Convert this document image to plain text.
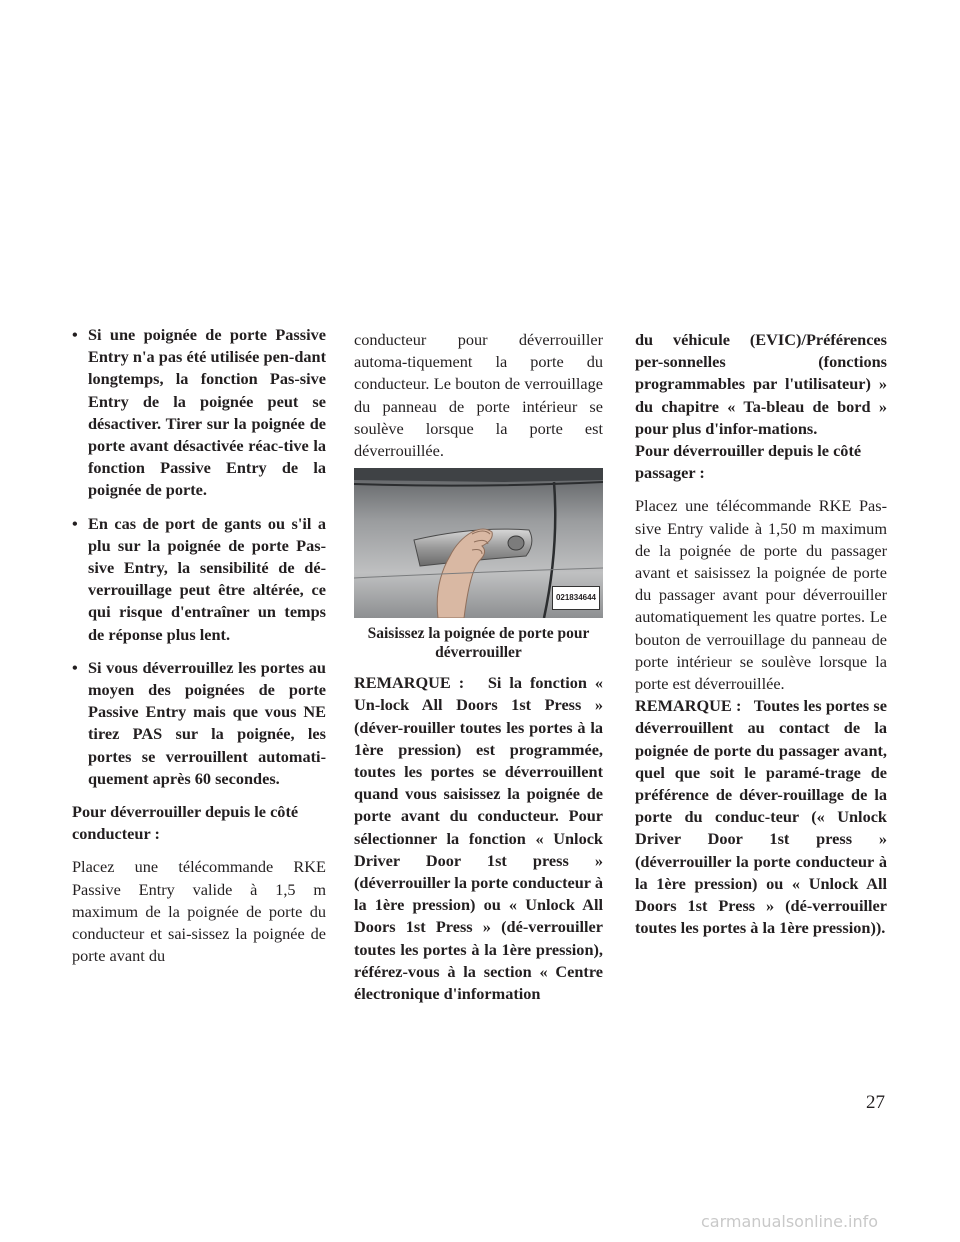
• Si une poignée de porte Passive Entry n'a pas été utilisée pen-dant longtemps, la fonction Pas-sive Entry de la poignée peut se désactiver. Tirer sur la poignée de porte avant désactivée réac-tive la fonction Passive Entry de la poignée de porte.
• En cas de port de gants ou s'il a plu sur la poignée de porte Pas-sive Entry, la sensibilité de dé-verrouillage peut être altérée, ce qui risque d'entraîner un temps de réponse plus lent.
• Si vous déverrouillez les portes au moyen des poignées de porte Passive Entry mais que vous NE tirez PAS sur la poignée, les portes se verrouillent automati-quement après 60 secondes.
Pour déverrouiller depuis le côté conducteur :

Placez une télécommande RKE Passive Entry valide à 1,5 m maximum de la poignée de porte du conducteur et sai-sissez la poignée de porte avant du

conducteur pour déverrouiller automa-tiquement la porte du conducteur. Le bouton de verrouillage du panneau de porte intérieur se soulève lorsque la porte est déverrouillée.

021834644
Saisissez la poignée de porte pour déverrouiller

REMARQUE : Si la fonction « Un-lock All Doors 1st Press » (déver-rouiller toutes les portes à la 1ère pression) est programmée, toutes les portes se déverrouillent quand vous saisissez la poignée de porte avant du conducteur. Pour sélectionner la fonction « Unlock Driver Door 1st press » (déverrouiller la porte conducteur à la 1ère pression) ou « Unlock All Doors 1st Press » (dé-verrouiller toutes les portes à la 1ère pression), référez-vous à la section « Centre électronique d'information

du véhicule (EVIC)/Préférences per-sonnelles (fonctions programmables par l'utilisateur) » du chapitre « Ta-bleau de bord » pour plus d'infor-mations.

Pour déverrouiller depuis le côté passager :

Placez une télécommande RKE Pas-sive Entry valide à 1,50 m maximum de la poignée de porte du passager avant et saisissez la poignée de porte du passager avant pour déverrouiller automatiquement les quatre portes. Le bouton de verrouillage du panneau de porte intérieur se soulève lorsque la porte est déverrouillée.

REMARQUE : Toutes les portes se déverrouillent au contact de la poignée de porte du passager avant, quel que soit le paramé-trage de préférence de déver-rouillage de la porte du conduc-teur (« Unlock Driver Door 1st press » (déverrouiller la porte conducteur à la 1ère pression) ou « Unlock All Doors 1st Press » (dé-verrouiller toutes les portes à la 1ère pression)).

27
carmanualsonline.info
